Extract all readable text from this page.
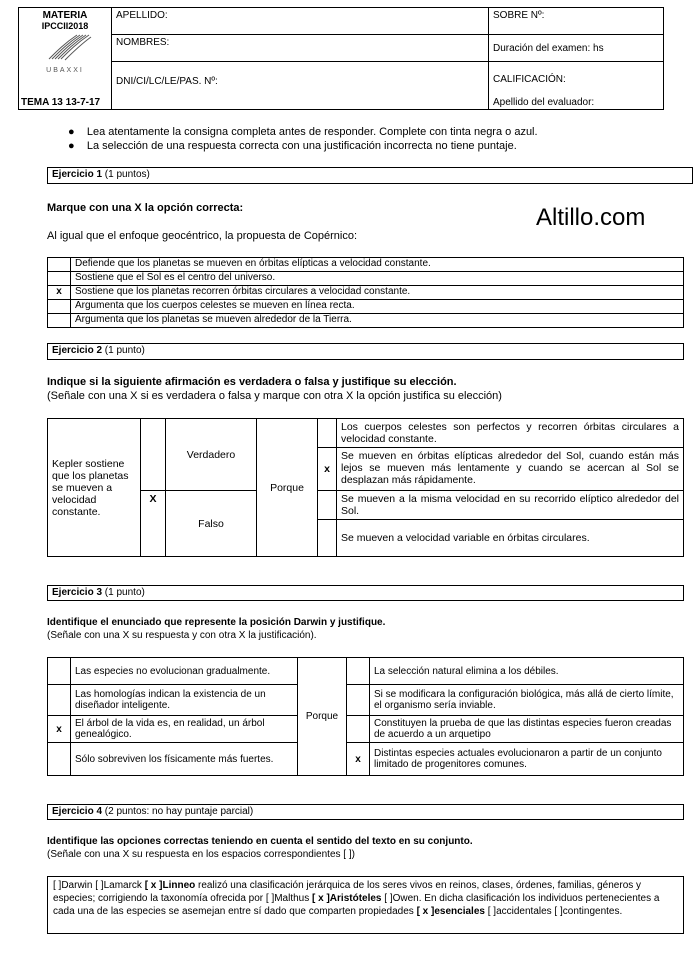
MATERIA
IPCCII2018
UBAXXI	APELLIDO:	SOBRE Nº:
	NOMBRES:	Duración del examen: hs
	DNI/CI/LC/LE/PAS. Nº:	CALIFICACIÓN:
TEMA 13 13-7-17		Apellido del evaluador:
●    Lea atentamente la consigna completa antes de responder. Complete con tinta negra o azul.
●    La selección de una respuesta correcta con una justificación incorrecta no tiene puntaje.
Ejercicio 1 (1 puntos)
Marque con una X la opción correcta:	Altillo.com
Al igual que el enfoque geocéntrico, la propuesta de Copérnico:
	Defiende que los planetas se mueven en órbitas elípticas a velocidad constante.
	Sostiene que el Sol es el centro del universo.
x	Sostiene que los planetas recorren órbitas circulares a velocidad constante.
	Argumenta que los cuerpos celestes se mueven en línea recta.
	Argumenta que los planetas se mueven alrededor de la Tierra.
Ejercicio 2 (1 punto)
Indique si la siguiente afirmación es verdadera o falsa y justifique su elección.
(Señale con una X si es verdadera o falsa y marque con otra X la opción justifica su elección)
Kepler sostiene que los planetas se mueven a velocidad constante.		Verdadero	Porque		Los cuerpos celestes son perfectos y recorren órbitas circulares a velocidad constante.
				x	Se mueven en órbitas elípticas alrededor del Sol, cuando están más lejos se mueven más lentamente y cuando se acercan al Sol se desplazan más rápidamente.
	X	Falso			Se mueven a la misma velocidad en su recorrido elíptico alrededor del Sol.
					Se mueven a velocidad variable en órbitas circulares.
Ejercicio 3 (1 punto)
Identifique el enunciado que represente la posición Darwin y justifique.
(Señale con una X su respuesta y con otra X la justificación).
	Las especies no evolucionan gradualmente.	Porque		La selección natural elimina a los débiles.
	Las homologías indican la existencia de un diseñador inteligente.			Si se modificara la configuración biológica, más allá de cierto límite, el organismo sería inviable.
x	El árbol de la vida es, en realidad, un árbol genealógico.			Constituyen la prueba de que las distintas especies fueron creadas de acuerdo a un arquetipo
	Sólo sobreviven los físicamente más fuertes.		x	Distintas especies actuales evolucionaron a partir de un conjunto limitado de progenitores comunes.
Ejercicio 4 (2 puntos: no hay puntaje parcial)
Identifique las opciones correctas teniendo en cuenta el sentido del texto en su conjunto.
(Señale con una X su respuesta en los espacios correspondientes [ ])
[ ]Darwin [ ]Lamarck [ x ]Linneo realizó una clasificación jerárquica de los seres vivos en reinos, clases, órdenes, familias, géneros y especies; corrigiendo la taxonomía ofrecida por [ ]Malthus [ x ]Aristóteles [ ]Owen. En dicha clasificación los individuos pertenecientes a cada una de las especies se asemejan entre sí dado que comparten propiedades [ x ]esenciales [ ]accidentales [ ]contingentes.
